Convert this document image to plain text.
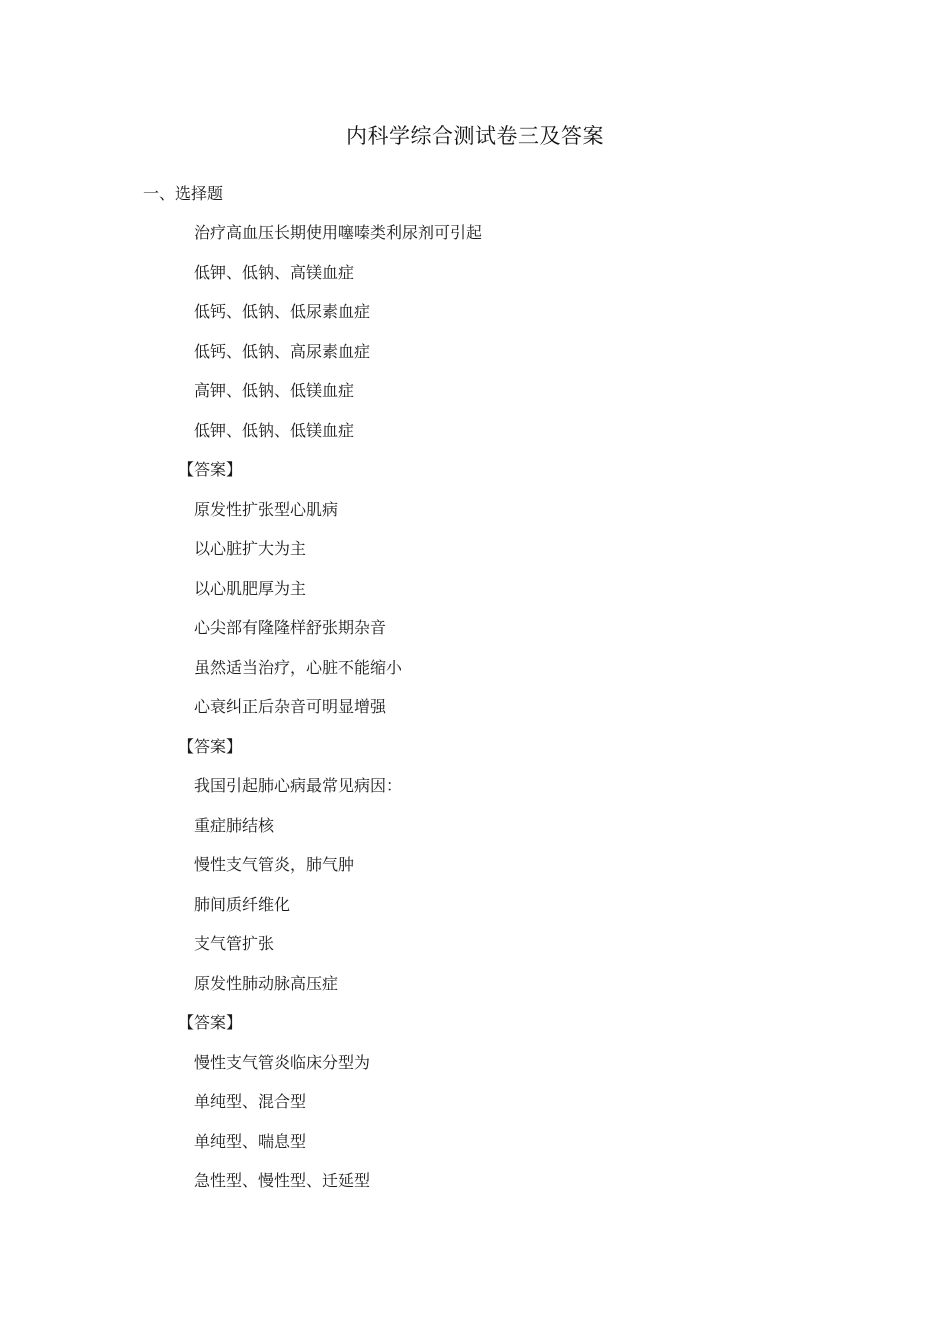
内科学综合测试卷三及答案
一、选择题
治疗高血压长期使用噻嗪类利尿剂可引起
低钾、低钠、高镁血症
低钙、低钠、低尿素血症
低钙、低钠、高尿素血症
高钾、低钠、低镁血症
低钾、低钠、低镁血症
【答案】
原发性扩张型心肌病
以心脏扩大为主
以心肌肥厚为主
心尖部有隆隆样舒张期杂音
虽然适当治疗，心脏不能缩小
心衰纠正后杂音可明显增强
【答案】
我国引起肺心病最常见病因：
重症肺结核
慢性支气管炎，肺气肿
肺间质纤维化
支气管扩张
原发性肺动脉高压症
【答案】
慢性支气管炎临床分型为
单纯型、混合型
单纯型、喘息型
急性型、慢性型、迁延型
